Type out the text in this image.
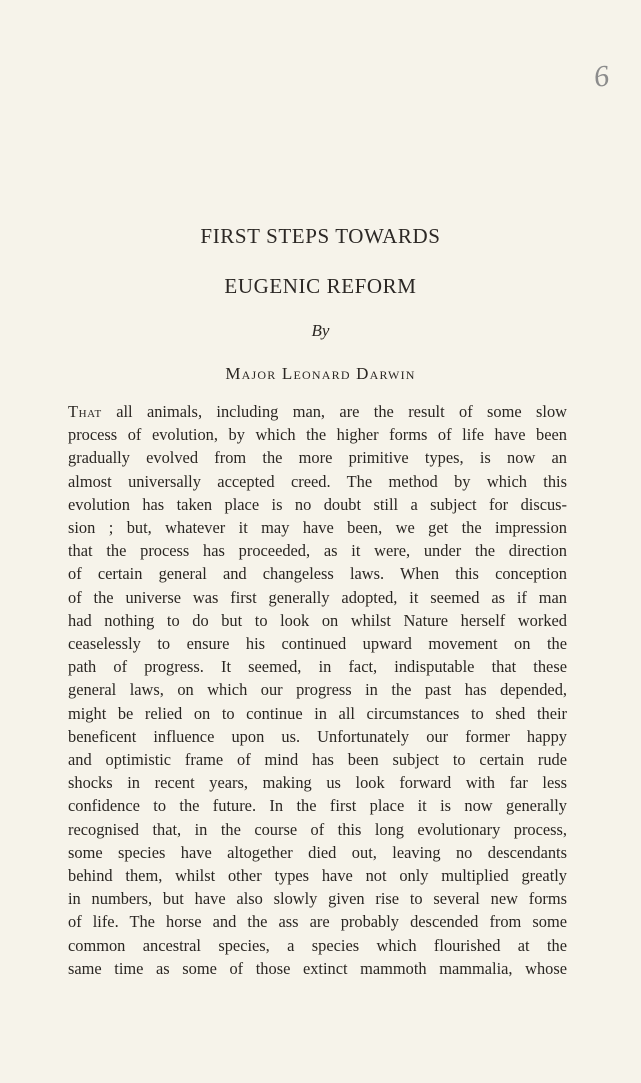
6
FIRST STEPS TOWARDS
EUGENIC REFORM
By
Major Leonard Darwin
That all animals, including man, are the result of some slow
process of evolution, by which the higher forms of life have been
gradually evolved from the more primitive types, is now an
almost universally accepted creed. The method by which this
evolution has taken place is no doubt still a subject for discus-
sion ; but, whatever it may have been, we get the impression
that the process has proceeded, as it were, under the direction
of certain general and changeless laws. When this conception
of the universe was first generally adopted, it seemed as if man
had nothing to do but to look on whilst Nature herself worked
ceaselessly to ensure his continued upward movement on the
path of progress. It seemed, in fact, indisputable that these
general laws, on which our progress in the past has depended,
might be relied on to continue in all circumstances to shed their
beneficent influence upon us. Unfortunately our former happy
and optimistic frame of mind has been subject to certain rude
shocks in recent years, making us look forward with far less
confidence to the future. In the first place it is now generally
recognised that, in the course of this long evolutionary process,
some species have altogether died out, leaving no descendants
behind them, whilst other types have not only multiplied greatly
in numbers, but have also slowly given rise to several new forms
of life. The horse and the ass are probably descended from some
common ancestral species, a species which flourished at the
same time as some of those extinct mammoth mammalia, whose
